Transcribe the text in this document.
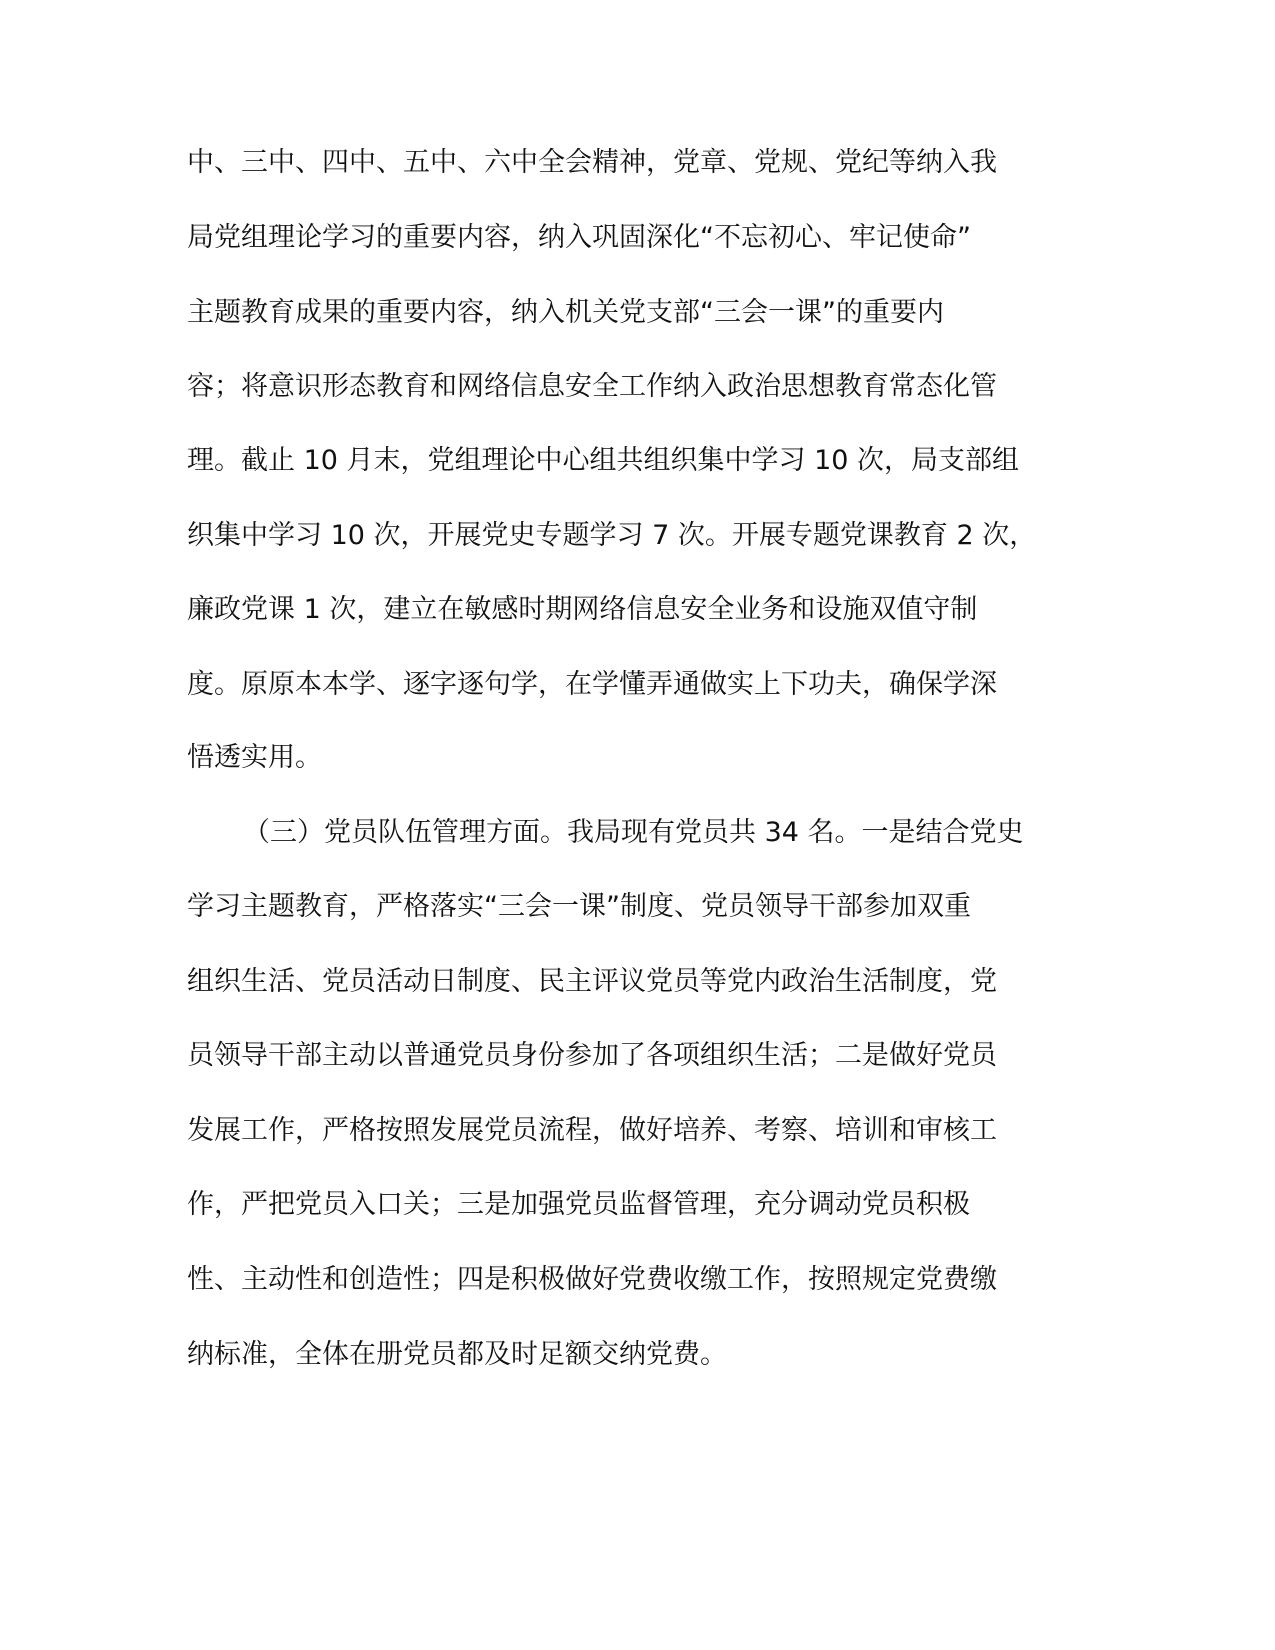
中、三中、四中、五中、六中全会精神，党章、党规、党纪等纳入我
局党组理论学习的重要内容，纳入巩固深化“不忘初心、牢记使命”
主题教育成果的重要内容，纳入机关党支部“三会一课”的重要内
容；将意识形态教育和网络信息安全工作纳入政治思想教育常态化管
理。截止 10 月末，党组理论中心组共组织集中学习 10 次，局支部组
织集中学习 10 次，开展党史专题学习 7 次。开展专题党课教育 2 次，
廉政党课 1 次，建立在敏感时期网络信息安全业务和设施双值守制
度。原原本本学、逐字逐句学，在学懂弄通做实上下功夫，确保学深
悟透实用。
（三）党员队伍管理方面。我局现有党员共 34 名。一是结合党史
学习主题教育，严格落实“三会一课”制度、党员领导干部参加双重
组织生活、党员活动日制度、民主评议党员等党内政治生活制度，党
员领导干部主动以普通党员身份参加了各项组织生活；二是做好党员
发展工作，严格按照发展党员流程，做好培养、考察、培训和审核工
作，严把党员入口关；三是加强党员监督管理，充分调动党员积极
性、主动性和创造性；四是积极做好党费收缴工作，按照规定党费缴
纳标准，全体在册党员都及时足额交纳党费。
